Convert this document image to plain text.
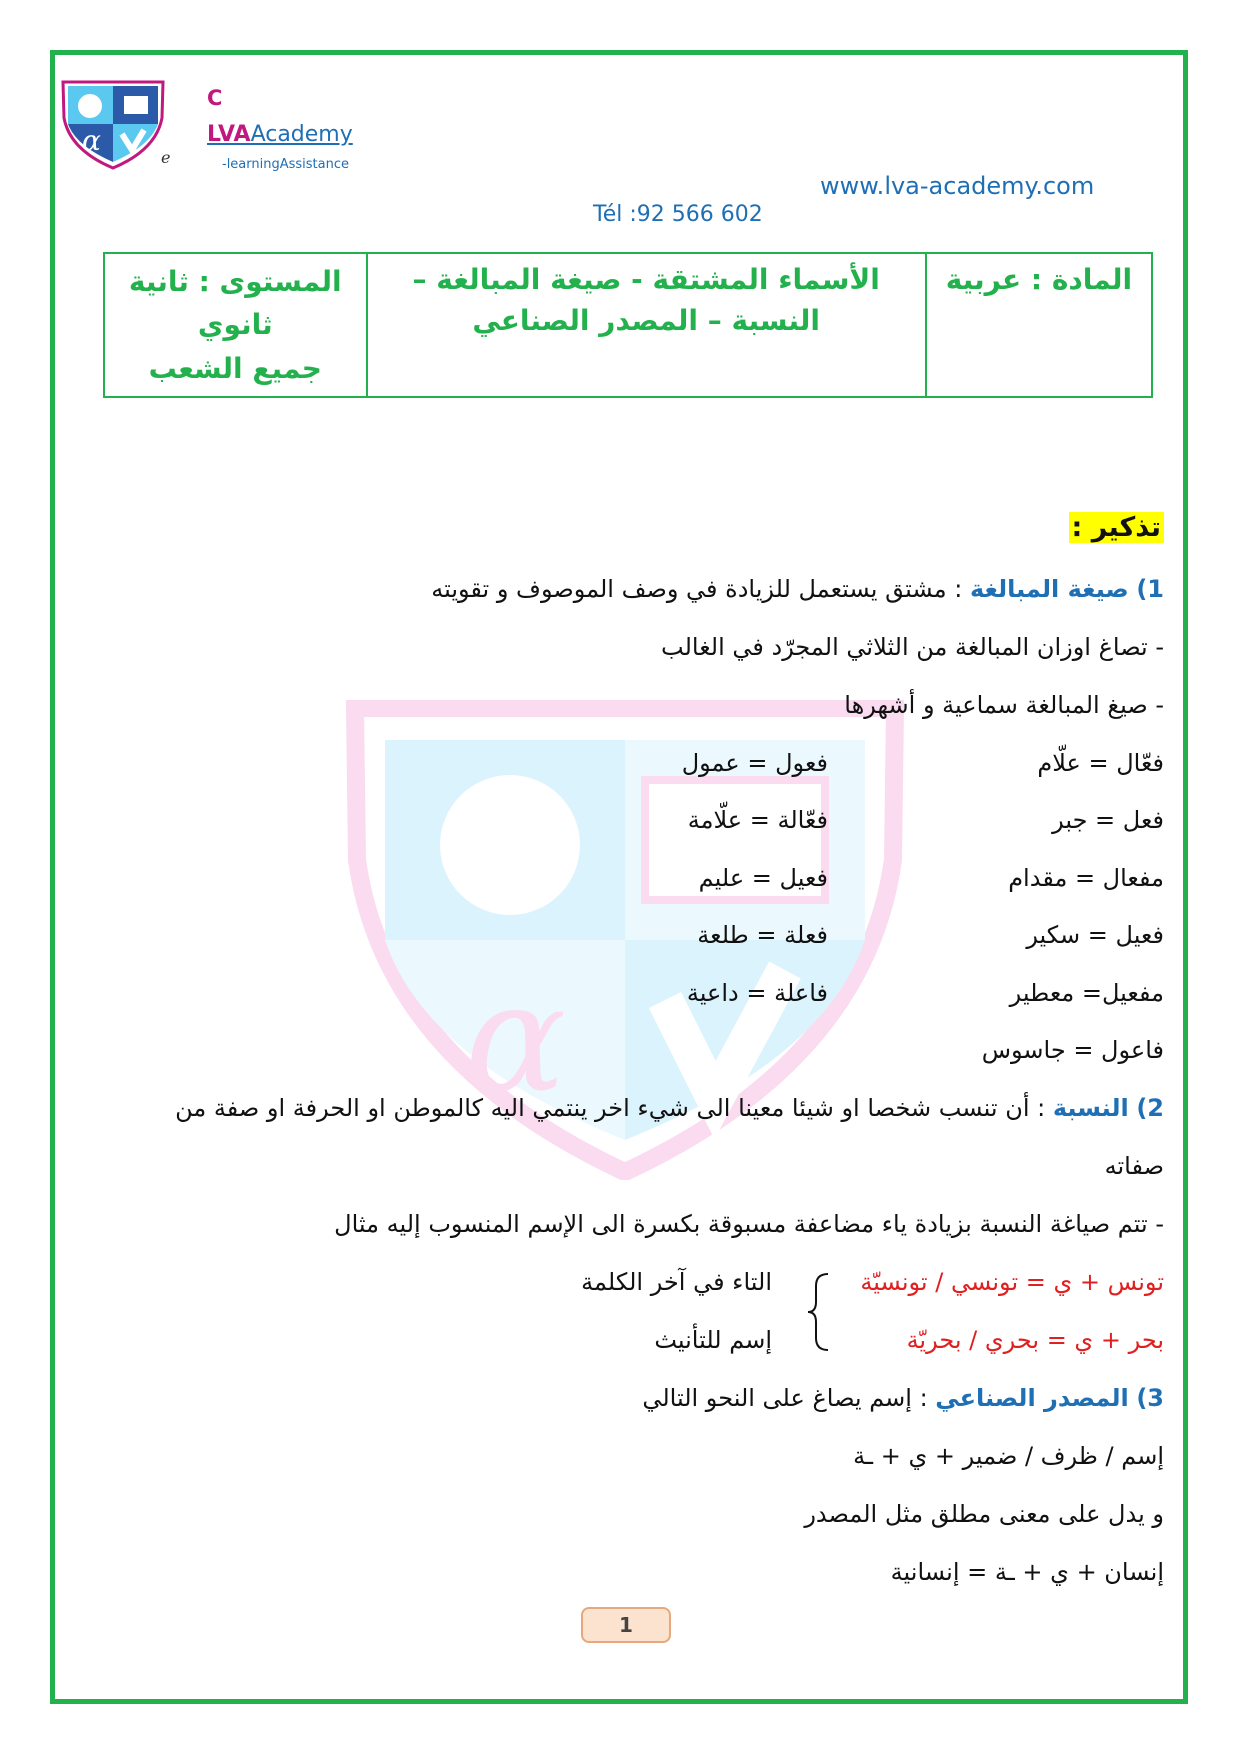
α
C
LVAAcademy
e	-learningAssistance
www.lva-academy.com
Tél :92 566 602
المادة : عربية	
الأسماء المشتقة - صيغة المبالغة –
النسبة – المصدر الصناعي

المستوى : ثانية
ثانوي
جميع الشعب
α
تذكير :
1) صيغة المبالغة : مشتق يستعمل للزيادة في وصف الموصوف و تقويته
- تصاغ اوزان المبالغة من الثلاثي المجرّد في الغالب
- صيغ المبالغة سماعية و أشهرها
فعّال = علّام
فعل = جبر
مفعال = مقدام
فعيل = سكير
مفعيل= معطير
فاعول = جاسوس
فعول = عمول
فعّالة = علّامة
فعيل = عليم
فعلة = طلعة
فاعلة = داعية
2) النسبة : أن تنسب شخصا او شيئا معينا الى شيء اخر ينتمي اليه كالموطن او الحرفة او صفة من
صفاته
- تتم صياغة النسبة بزيادة ياء مضاعفة مسبوقة بكسرة الى الإسم المنسوب إليه مثال
تونس + ي = تونسي / تونسيّة
بحر + ي = بحري / بحريّة
التاء في آخر الكلمة
إسم للتأنيث
3) المصدر الصناعي : إسم يصاغ على النحو التالي
إسم / ظرف / ضمير + ي + ـة
و يدل على معنى مطلق مثل المصدر
إنسان + ي + ـة = إنسانية
1
